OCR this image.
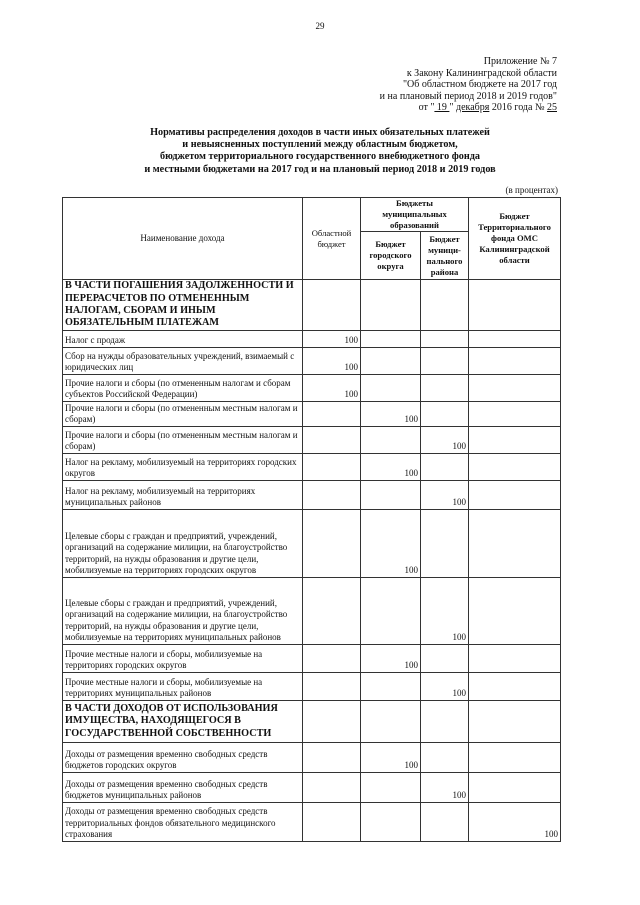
29
Приложение № 7
к Закону Калининградской области
"Об областном бюджете на 2017 год
и на плановый период 2018 и 2019 годов"
от " 19 " декабря 2016 года № 25
Нормативы распределения доходов в части иных обязательных платежей
и невыясненных поступлений между областным бюджетом,
бюджетом территориального государственного внебюджетного фонда
и местными бюджетами на 2017 год и на плановый период 2018 и 2019 годов
(в процентах)
Наименование дохода	Областной бюджет	Бюджеты муниципальных образований		Бюджет Территориального фонда ОМС Калининградской области
		Бюджет городского округа	Бюджет муници-пального района	
В ЧАСТИ ПОГАШЕНИЯ ЗАДОЛЖЕННОСТИ И ПЕРЕРАСЧЕТОВ ПО ОТМЕНЕННЫМ НАЛОГАМ, СБОРАМ И ИНЫМ ОБЯЗАТЕЛЬНЫМ ПЛАТЕЖАМ				
Налог с продаж	100			
Сбор на нужды образовательных учреждений, взимаемый с юридических лиц	100			
Прочие налоги и сборы (по отмененным налогам и сборам субъектов Российской Федерации)	100			
Прочие налоги и сборы (по отмененным местным налогам и сборам)		100		
Прочие налоги и сборы (по отмененным местным налогам и сборам)			100	
Налог на рекламу, мобилизуемый на территориях городских округов		100		
Налог на рекламу, мобилизуемый на территориях муниципальных районов			100	
Целевые сборы с граждан и предприятий, учреждений, организаций на содержание милиции, на благоустройство территорий, на нужды образования и другие цели, мобилизуемые на территориях городских округов		100		
Целевые сборы с граждан и предприятий, учреждений, организаций на содержание милиции, на благоустройство территорий, на нужды образования и другие цели, мобилизуемые на территориях муниципальных районов			100	
Прочие местные налоги и сборы, мобилизуемые на территориях городских округов		100		
Прочие местные налоги и сборы, мобилизуемые на территориях муниципальных районов			100	
В ЧАСТИ ДОХОДОВ ОТ ИСПОЛЬЗОВАНИЯ ИМУЩЕСТВА, НАХОДЯЩЕГОСЯ В ГОСУДАРСТВЕННОЙ СОБСТВЕННОСТИ				
Доходы от размещения временно свободных средств бюджетов городских округов		100		
Доходы от размещения временно свободных средств бюджетов муниципальных районов			100	
Доходы от размещения временно свободных средств территориальных фондов обязательного медицинского страхования				100
